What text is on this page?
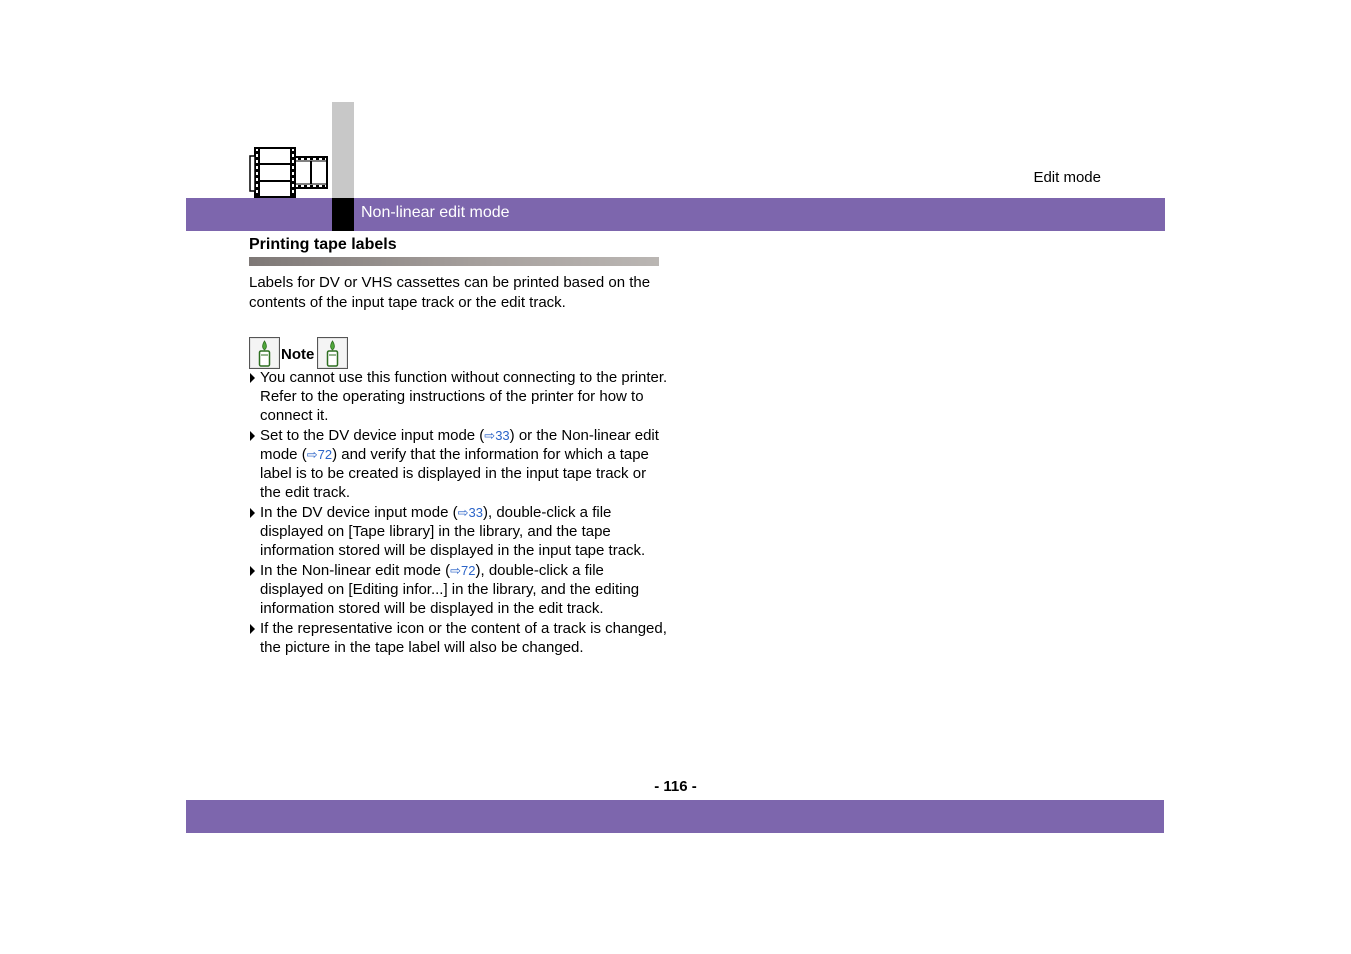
Edit mode
Non-linear edit mode
Printing tape labels
Labels for DV or VHS cassettes can be printed based on the contents of the input tape track or the edit track.
Note
You cannot use this function without connecting to the printer. Refer to the operating instructions of the printer for how to connect it.
Set to the DV device input mode (⇨33) or the Non-linear edit mode (⇨72) and verify that the information for which a tape label is to be created is displayed in the input tape track or the edit track.
In the DV device input mode (⇨33), double-click a file displayed on [Tape library] in the library, and the tape information stored will be displayed in the input tape track.
In the Non-linear edit mode (⇨72), double-click a file displayed on [Editing infor...] in the library, and the editing information stored will be displayed in the edit track.
If the representative icon or the content of a track is changed, the picture in the tape label will also be changed.
- 116 -
